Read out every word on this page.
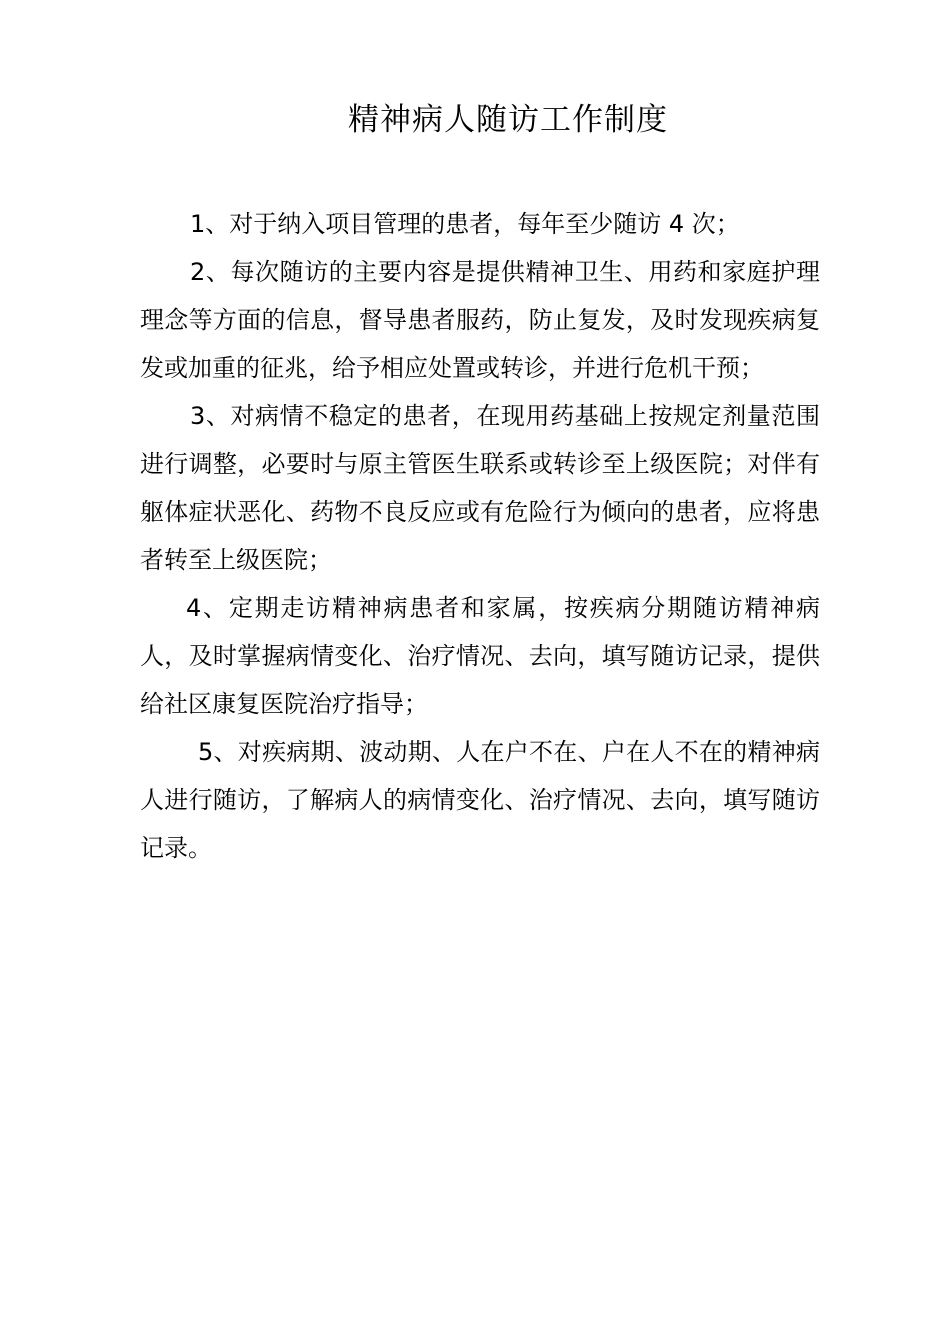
精神病人随访工作制度

1、对于纳入项目管理的患者，每年至少随访 4 次；

2、每次随访的主要内容是提供精神卫生、用药和家庭护理理念等方面的信息，督导患者服药，防止复发，及时发现疾病复发或加重的征兆，给予相应处置或转诊，并进行危机干预；

3、对病情不稳定的患者，在现用药基础上按规定剂量范围进行调整，必要时与原主管医生联系或转诊至上级医院；对伴有躯体症状恶化、药物不良反应或有危险行为倾向的患者，应将患者转至上级医院；

4、定期走访精神病患者和家属，按疾病分期随访精神病人，及时掌握病情变化、治疗情况、去向，填写随访记录，提供给社区康复医院治疗指导；

5、对疾病期、波动期、人在户不在、户在人不在的精神病人进行随访，了解病人的病情变化、治疗情况、去向，填写随访记录。
